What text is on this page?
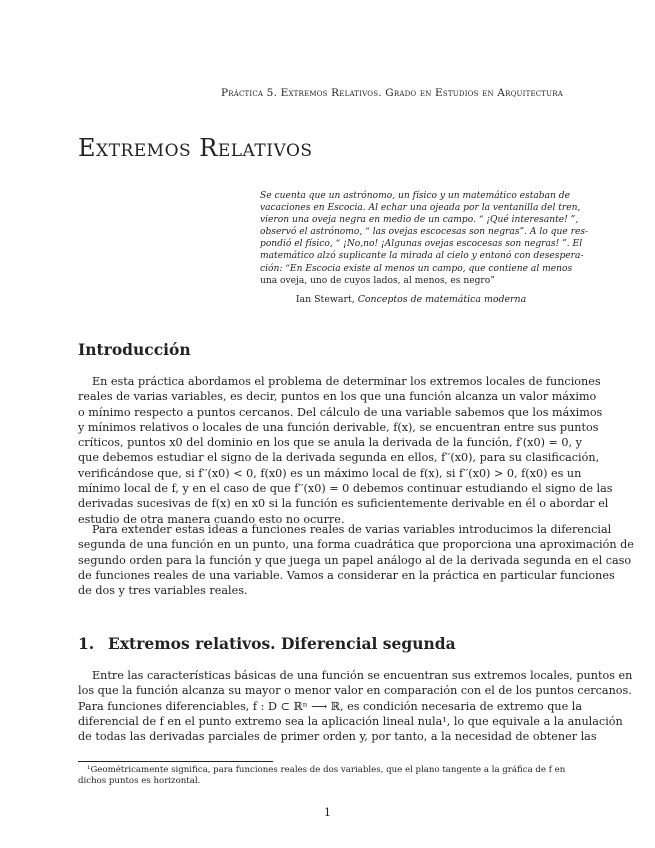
Práctica 5. Extremos Relativos. Grado en Estudios en Arquitectura
Extremos Relativos
Se cuenta que un astrónomo, un físico y un matemático estaban de
vacaciones en Escocia. Al echar una ojeada por la ventanilla del tren,
vieron una oveja negra en medio de un campo. “ ¡Qué interesante! ”,
observó el astrónomo, “ las ovejas escocesas son negras”. A lo que res-
pondió el físico, “ ¡No,no! ¡Algunas ovejas escocesas son negras! ”. El
matemático alzó suplicante la mirada al cielo y entonó con desespera-
ción: “En Escocia existe al menos un campo, que contiene al menos
una oveja, uno de cuyos lados, al menos, es negro”
Ian Stewart, Conceptos de matemática moderna
Introducción
En esta práctica abordamos el problema de determinar los extremos locales de funciones
reales de varias variables, es decir, puntos en los que una función alcanza un valor máximo
o mínimo respecto a puntos cercanos. Del cálculo de una variable sabemos que los máximos
y mínimos relativos o locales de una función derivable, f(x), se encuentran entre sus puntos
críticos, puntos x0 del dominio en los que se anula la derivada de la función, f′(x0) = 0, y
que debemos estudiar el signo de la derivada segunda en ellos, f′′(x0), para su clasificación,
verificándose que, si f′′(x0) < 0, f(x0) es un máximo local de f(x), si f′′(x0) > 0, f(x0) es un
mínimo local de f, y en el caso de que f′′(x0) = 0 debemos continuar estudiando el signo de las
derivadas sucesivas de f(x) en x0 si la función es suficientemente derivable en él o abordar el
estudio de otra manera cuando esto no ocurre.
Para extender estas ideas a funciones reales de varias variables introducimos la diferencial
segunda de una función en un punto, una forma cuadrática que proporciona una aproximación de
segundo orden para la función y que juega un papel análogo al de la derivada segunda en el caso
de funciones reales de una variable. Vamos a considerar en la práctica en particular funciones
de dos y tres variables reales.
1. Extremos relativos. Diferencial segunda
Entre las características básicas de una función se encuentran sus extremos locales, puntos en
los que la función alcanza su mayor o menor valor en comparación con el de los puntos cercanos.
Para funciones diferenciables, f : D ⊂ ℝⁿ ⟶ ℝ, es condición necesaria de extremo que la
diferencial de f en el punto extremo sea la aplicación lineal nula¹, lo que equivale a la anulación
de todas las derivadas parciales de primer orden y, por tanto, a la necesidad de obtener las
¹Geométricamente significa, para funciones reales de dos variables, que el plano tangente a la gráfica de f en
dichos puntos es horizontal.
1
